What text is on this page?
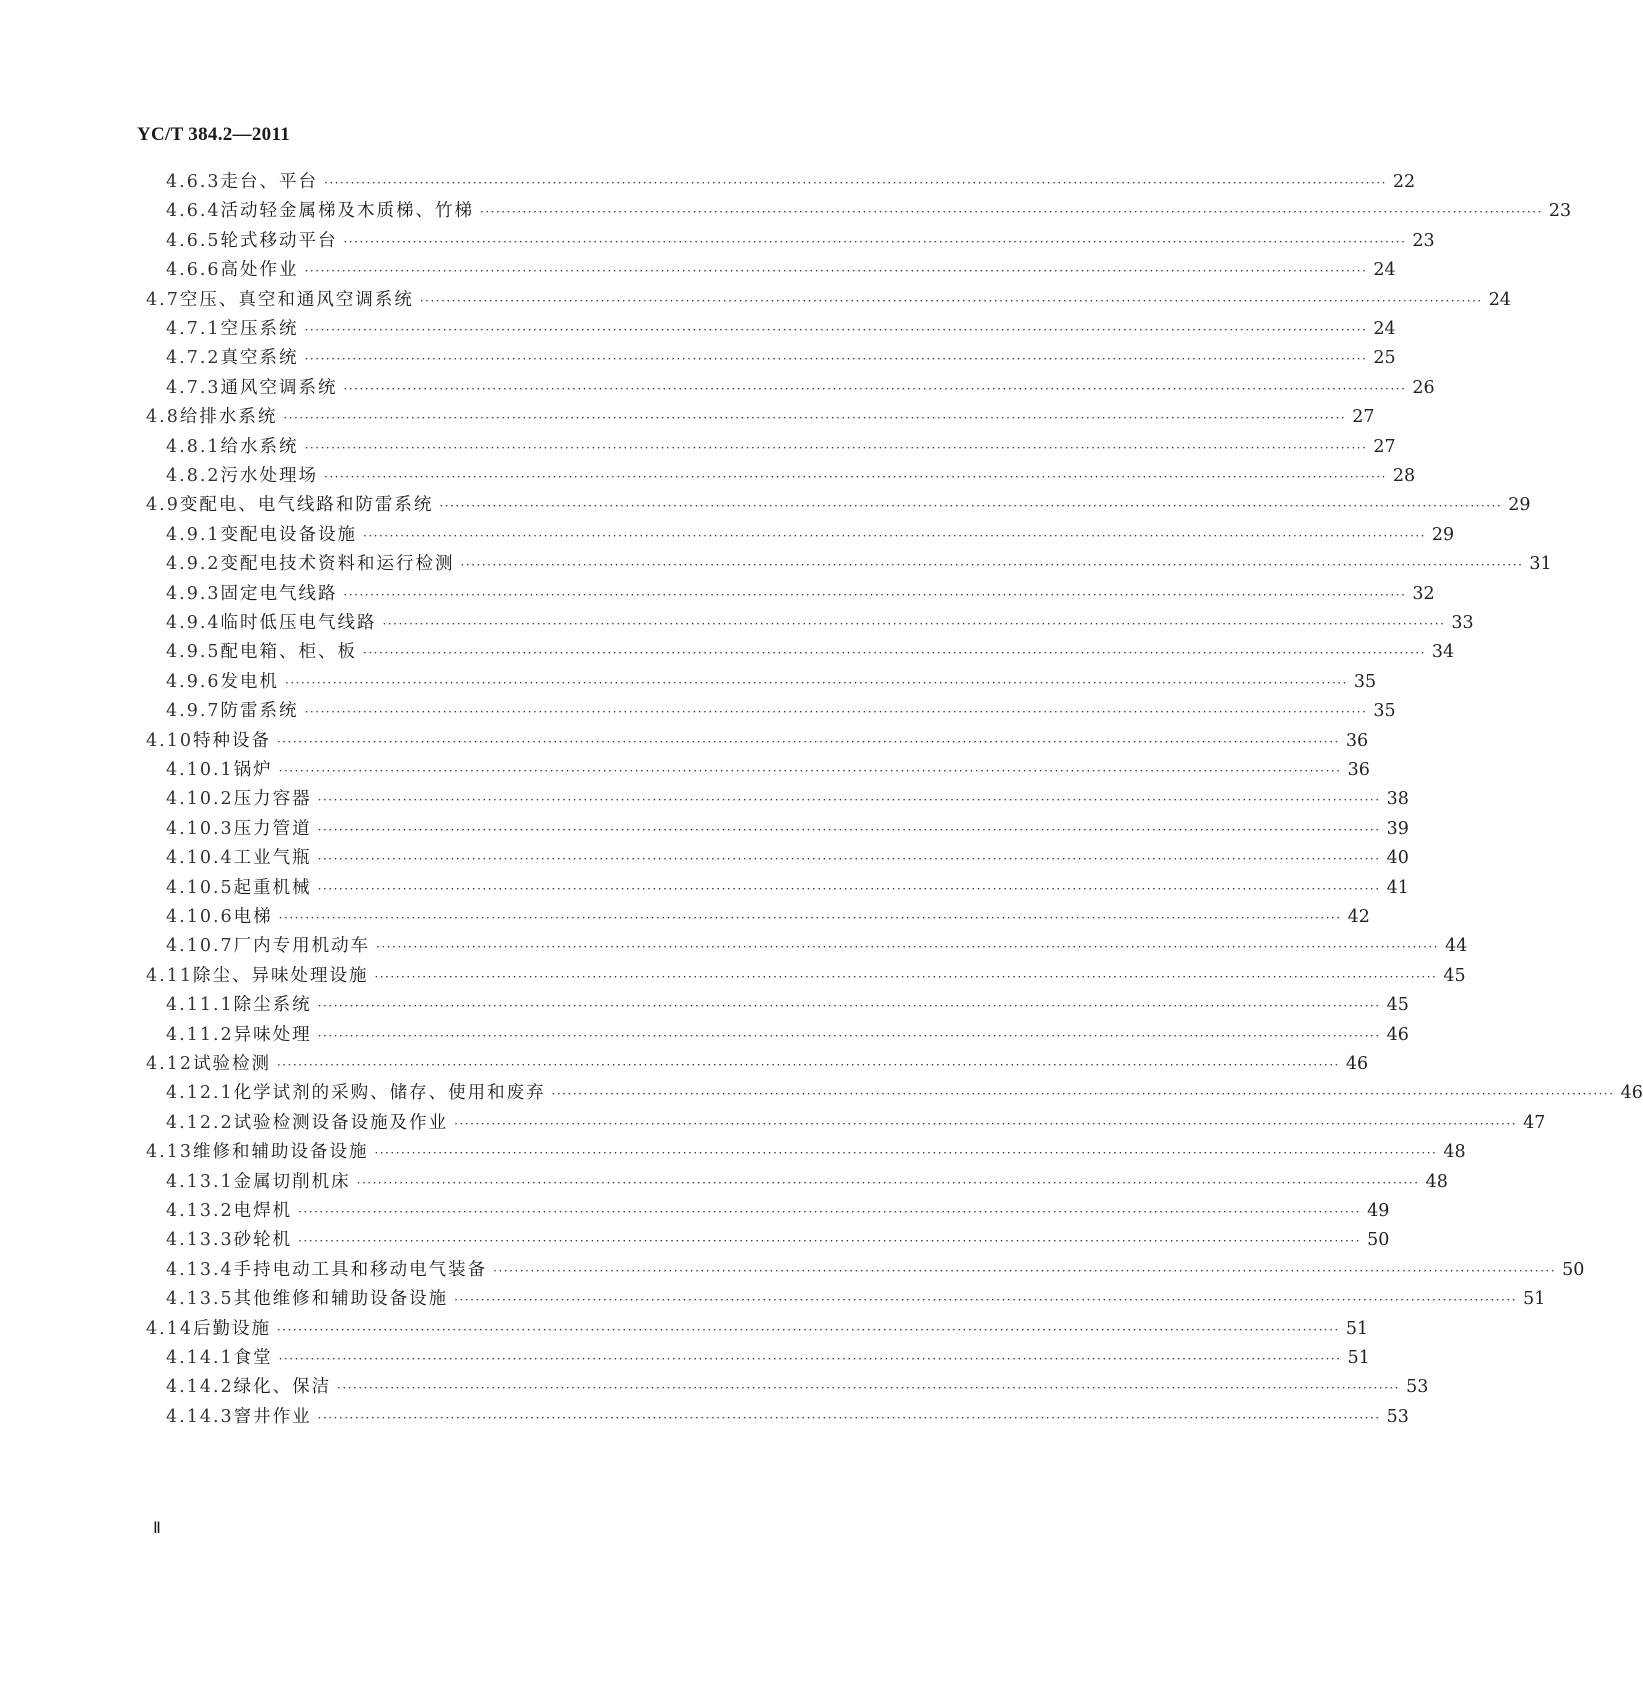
YC/T 384.2—2011
4.6.3 走台、平台 ········································································································································································································ 22
4.6.4 活动轻金属梯及木质梯、竹梯 ········································································································································································································ 23
4.6.5 轮式移动平台 ········································································································································································································ 23
4.6.6 高处作业 ········································································································································································································ 24
4.7 空压、真空和通风空调系统 ········································································································································································································ 24
4.7.1 空压系统 ········································································································································································································ 24
4.7.2 真空系统 ········································································································································································································ 25
4.7.3 通风空调系统 ········································································································································································································ 26
4.8 给排水系统 ········································································································································································································ 27
4.8.1 给水系统 ········································································································································································································ 27
4.8.2 污水处理场 ········································································································································································································ 28
4.9 变配电、电气线路和防雷系统 ········································································································································································································ 29
4.9.1 变配电设备设施 ········································································································································································································ 29
4.9.2 变配电技术资料和运行检测 ········································································································································································································ 31
4.9.3 固定电气线路 ········································································································································································································ 32
4.9.4 临时低压电气线路 ········································································································································································································ 33
4.9.5 配电箱、柜、板 ········································································································································································································ 34
4.9.6 发电机 ········································································································································································································ 35
4.9.7 防雷系统 ········································································································································································································ 35
4.10 特种设备 ········································································································································································································ 36
4.10.1 锅炉 ········································································································································································································ 36
4.10.2 压力容器 ········································································································································································································ 38
4.10.3 压力管道 ········································································································································································································ 39
4.10.4 工业气瓶 ········································································································································································································ 40
4.10.5 起重机械 ········································································································································································································ 41
4.10.6 电梯 ········································································································································································································ 42
4.10.7 厂内专用机动车 ········································································································································································································ 44
4.11 除尘、异味处理设施 ········································································································································································································ 45
4.11.1 除尘系统 ········································································································································································································ 45
4.11.2 异味处理 ········································································································································································································ 46
4.12 试验检测 ········································································································································································································ 46
4.12.1 化学试剂的采购、储存、使用和废弃 ········································································································································································································ 46
4.12.2 试验检测设备设施及作业 ········································································································································································································ 47
4.13 维修和辅助设备设施 ········································································································································································································ 48
4.13.1 金属切削机床 ········································································································································································································ 48
4.13.2 电焊机 ········································································································································································································ 49
4.13.3 砂轮机 ········································································································································································································ 50
4.13.4 手持电动工具和移动电气装备 ········································································································································································································ 50
4.13.5 其他维修和辅助设备设施 ········································································································································································································ 51
4.14 后勤设施 ········································································································································································································ 51
4.14.1 食堂 ········································································································································································································ 51
4.14.2 绿化、保洁 ········································································································································································································ 53
4.14.3 窨井作业 ········································································································································································································ 53
Ⅱ
